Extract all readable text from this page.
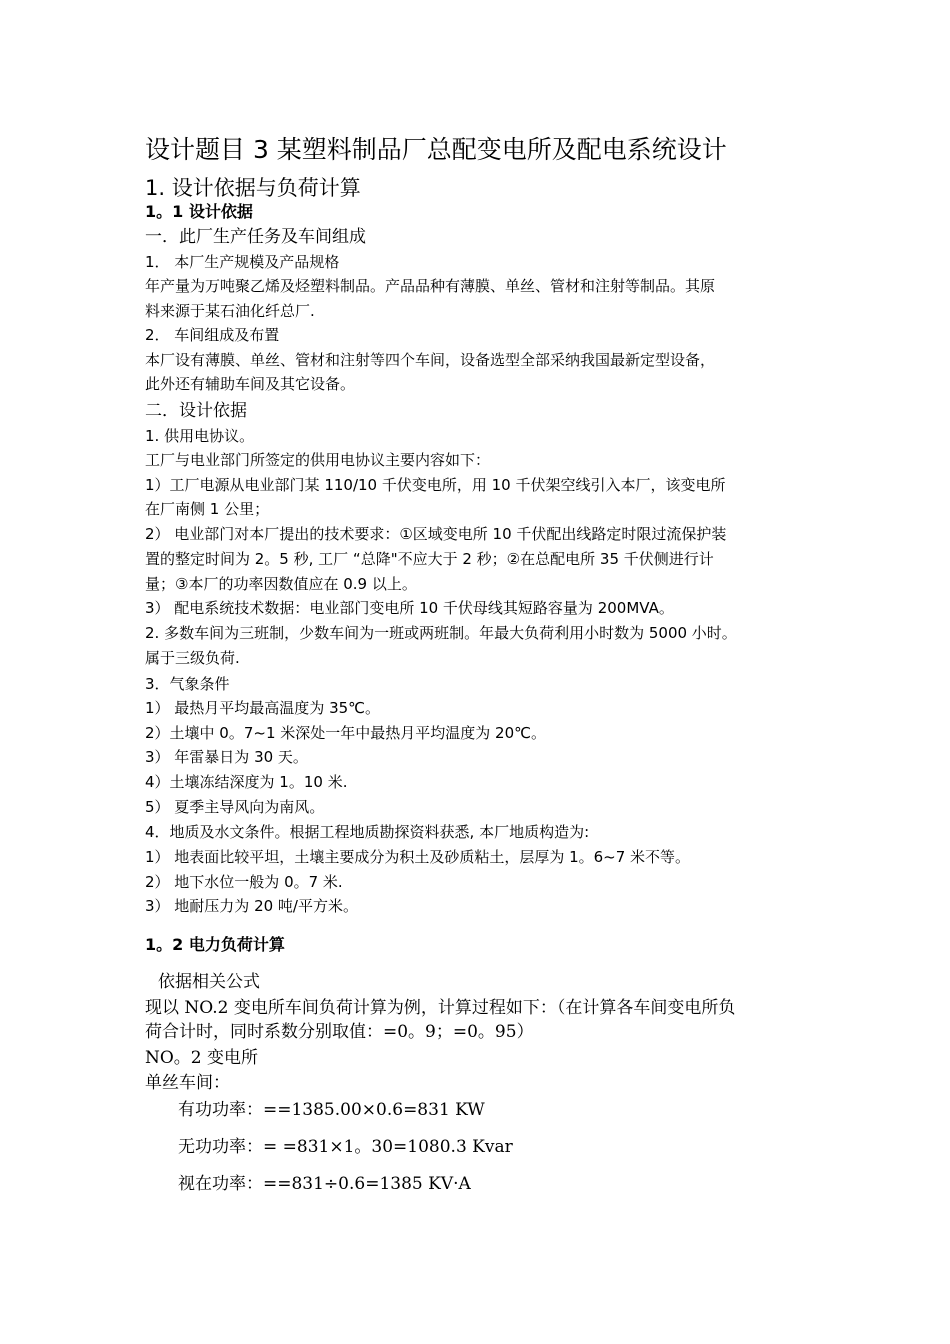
设计题目 3 某塑料制品厂总配变电所及配电系统设计
1. 设计依据与负荷计算
1。1 设计依据
一．此厂生产任务及车间组成
1． 本厂生产规模及产品规格
年产量为万吨聚乙烯及烃塑料制品。产品品种有薄膜、单丝、管材和注射等制品。其原
料来源于某石油化纤总厂.
2． 车间组成及布置
本厂设有薄膜、单丝、管材和注射等四个车间，设备选型全部采纳我国最新定型设备，
此外还有辅助车间及其它设备。
二．设计依据
1. 供用电协议。
工厂与电业部门所签定的供用电协议主要内容如下：
1）工厂电源从电业部门某 110/10 千伏变电所，用 10 千伏架空线引入本厂，该变电所
在厂南侧 1 公里；
2） 电业部门对本厂提出的技术要求：①区域变电所 10 千伏配出线路定时限过流保护装
置的整定时间为 2。5 秒, 工厂 “总降"不应大于 2 秒；②在总配电所 35 千伏侧进行计
量；③本厂的功率因数值应在 0.9 以上。
3） 配电系统技术数据：电业部门变电所 10 千伏母线其短路容量为 200MVA。
2. 多数车间为三班制，少数车间为一班或两班制。年最大负荷利用小时数为 5000 小时。
属于三级负荷.
3．气象条件
1） 最热月平均最高温度为 35℃。
2）土壤中 0。7~1 米深处一年中最热月平均温度为 20℃。
3） 年雷暴日为 30 天。
4）土壤冻结深度为 1。10 米.
5） 夏季主导风向为南风。
4．地质及水文条件。根据工程地质勘探资料获悉, 本厂地质构造为:
1） 地表面比较平坦，土壤主要成分为积土及砂质粘土，层厚为 1。6~7 米不等。
2） 地下水位一般为 0。7 米.
3） 地耐压力为 20 吨/平方米。
1。2 电力负荷计算
依据相关公式
现以 NO.2 变电所车间负荷计算为例，计算过程如下：（在计算各车间变电所负
荷合计时，同时系数分别取值：=0。9；=0。95）
NO。2 变电所
单丝车间：
有功功率：==1385.00×0.6=831 KW
无功功率：= =831×1。30=1080.3 Kvar
视在功率：==831÷0.6=1385 KV·A
